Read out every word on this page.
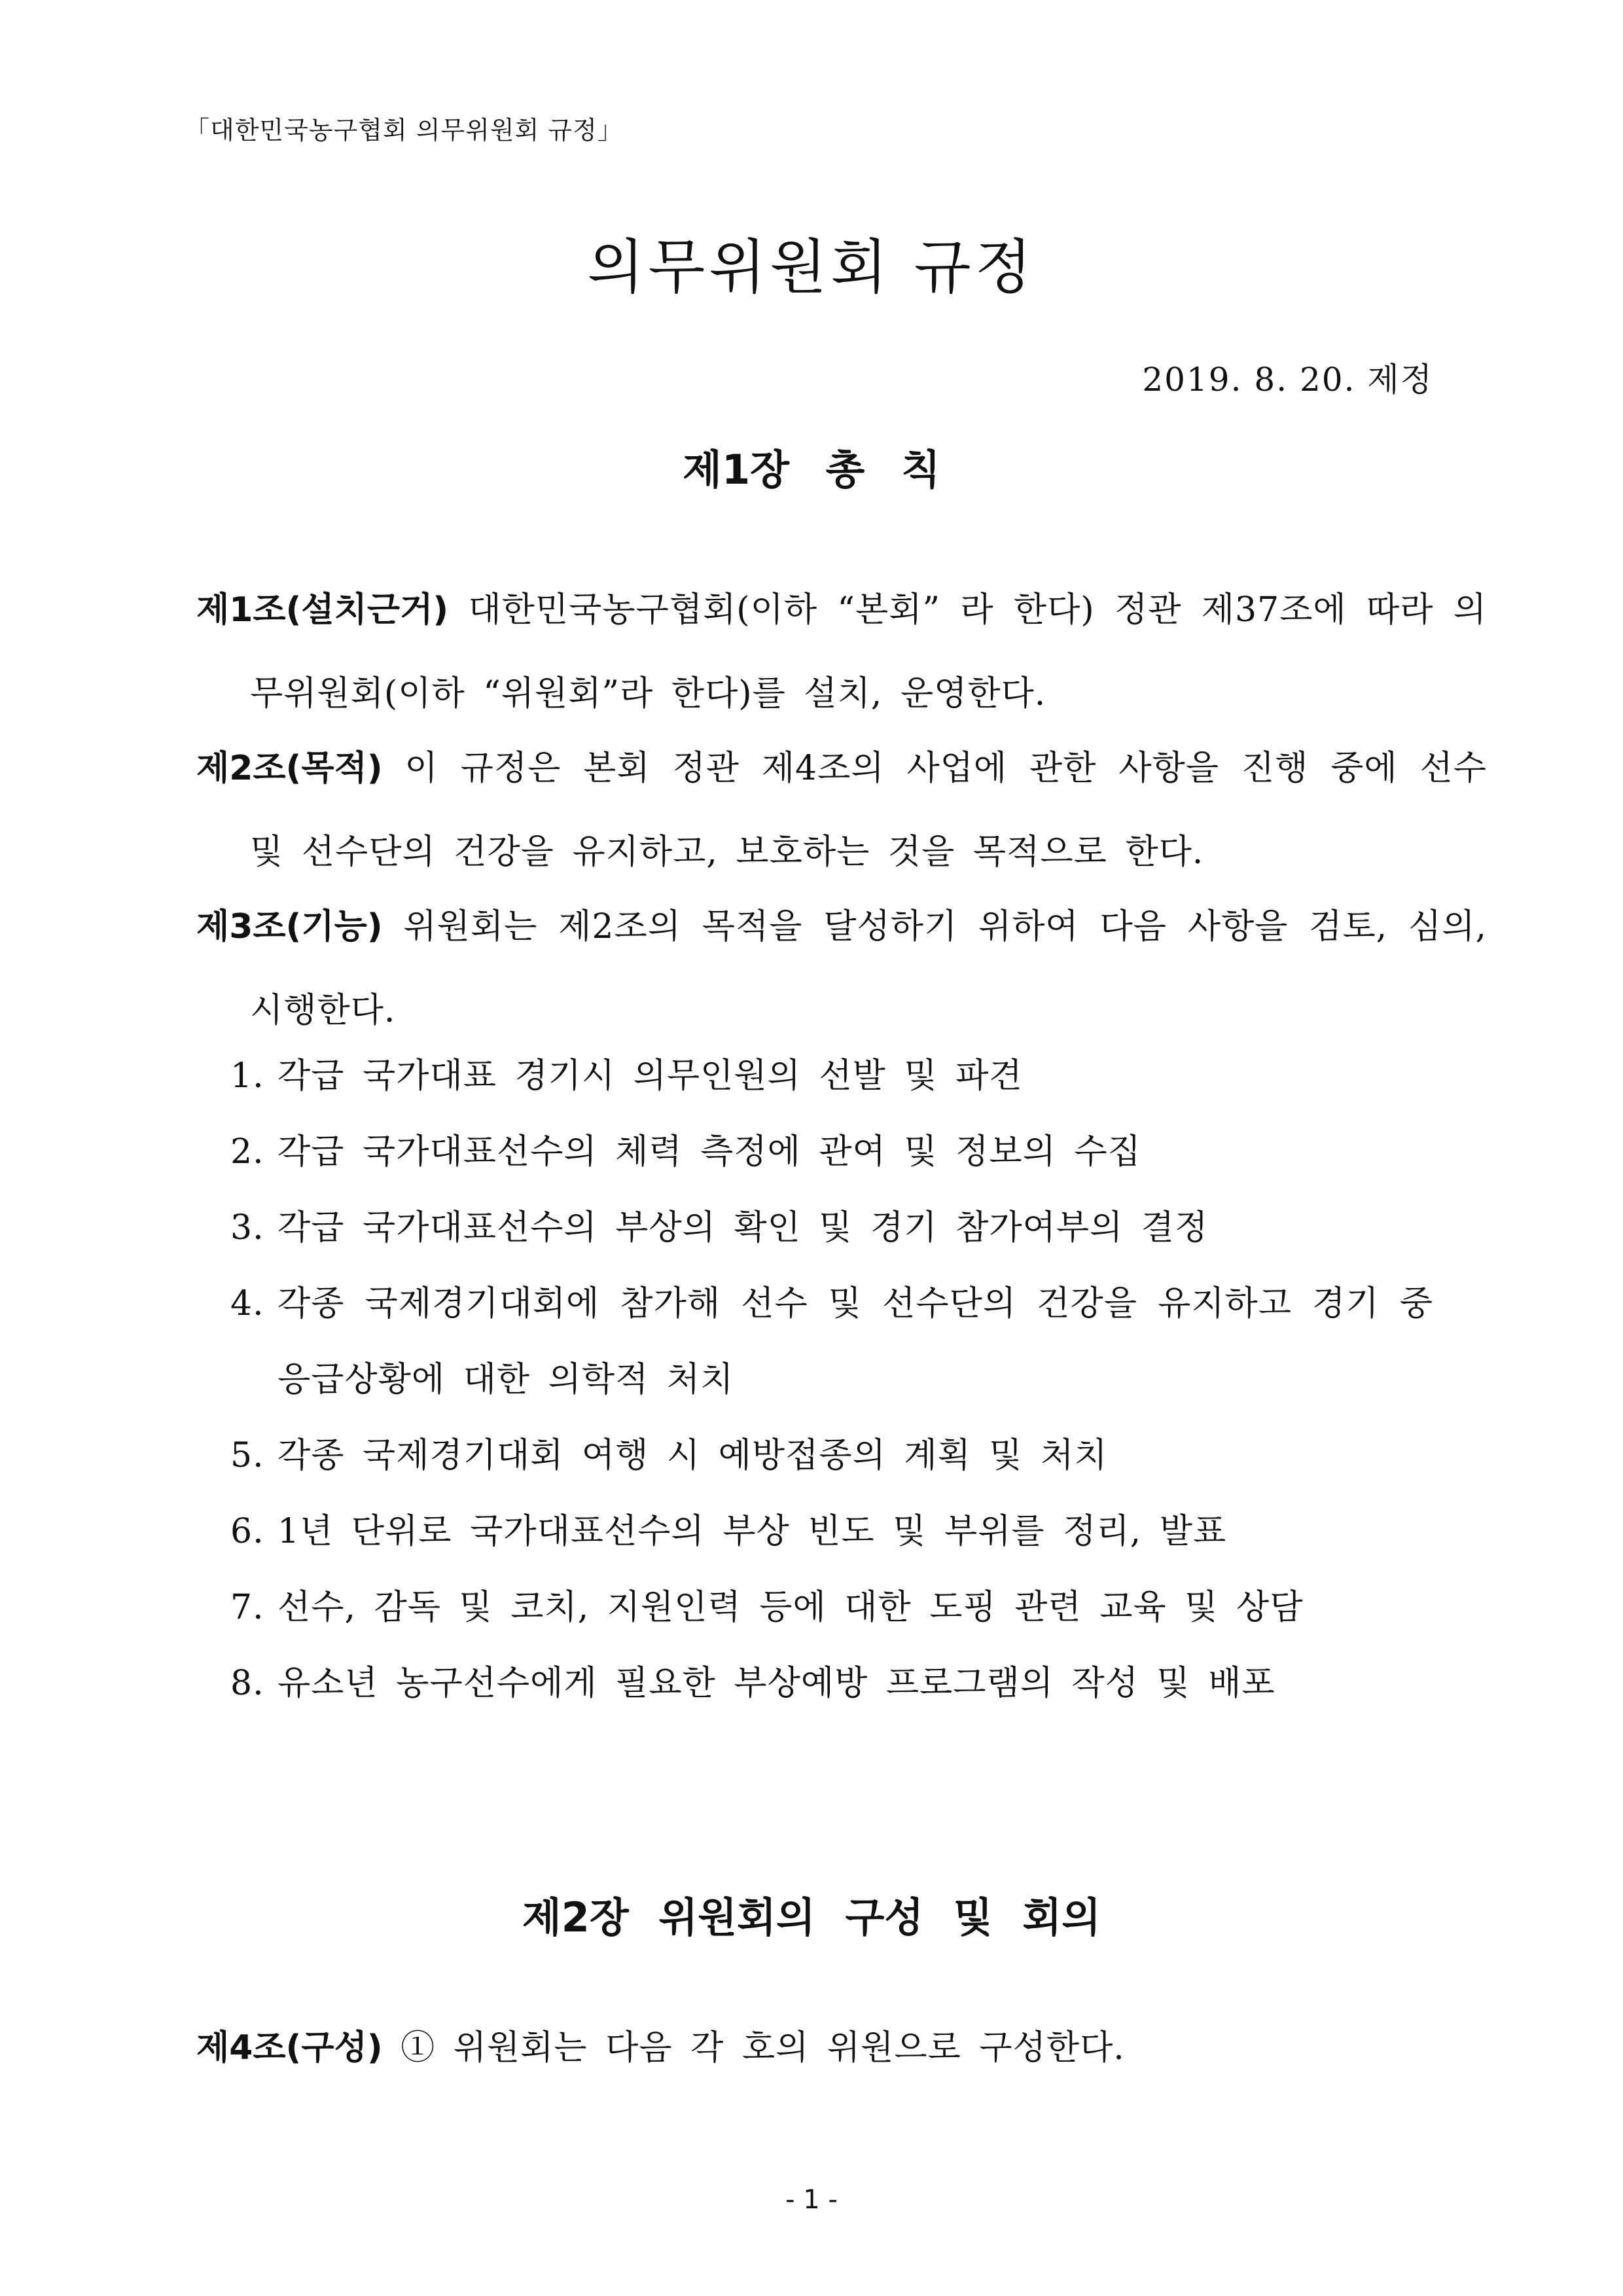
「대한민국농구협회 의무위원회 규정」
의무위원회 규정
2019. 8. 20. 제정
제1장 총 칙

제1조(설치근거) 대한민국농구협회(이하 “본회” 라 한다) 정관 제37조에 따라 의무위원회(이하 “위원회”라 한다)를 설치, 운영한다.

제2조(목적) 이 규정은 본회 정관 제4조의 사업에 관한 사항을 진행 중에 선수 및 선수단의 건강을 유지하고, 보호하는 것을 목적으로 한다.

제3조(기능) 위원회는 제2조의 목적을 달성하기 위하여 다음 사항을 검토, 심의, 시행한다.

1. 각급 국가대표 경기시 의무인원의 선발 및 파견
2. 각급 국가대표선수의 체력 측정에 관여 및 정보의 수집
3. 각급 국가대표선수의 부상의 확인 및 경기 참가여부의 결정
4. 각종 국제경기대회에 참가해 선수 및 선수단의 건강을 유지하고 경기 중 응급상황에 대한 의학적 처치
5. 각종 국제경기대회 여행 시 예방접종의 계획 및 처치
6. 1년 단위로 국가대표선수의 부상 빈도 및 부위를 정리, 발표
7. 선수, 감독 및 코치, 지원인력 등에 대한 도핑 관련 교육 및 상담
8. 유소년 농구선수에게 필요한 부상예방 프로그램의 작성 및 배포
제2장 위원회의 구성 및 회의

제4조(구성) ① 위원회는 다음 각 호의 위원으로 구성한다.

- 1 -
